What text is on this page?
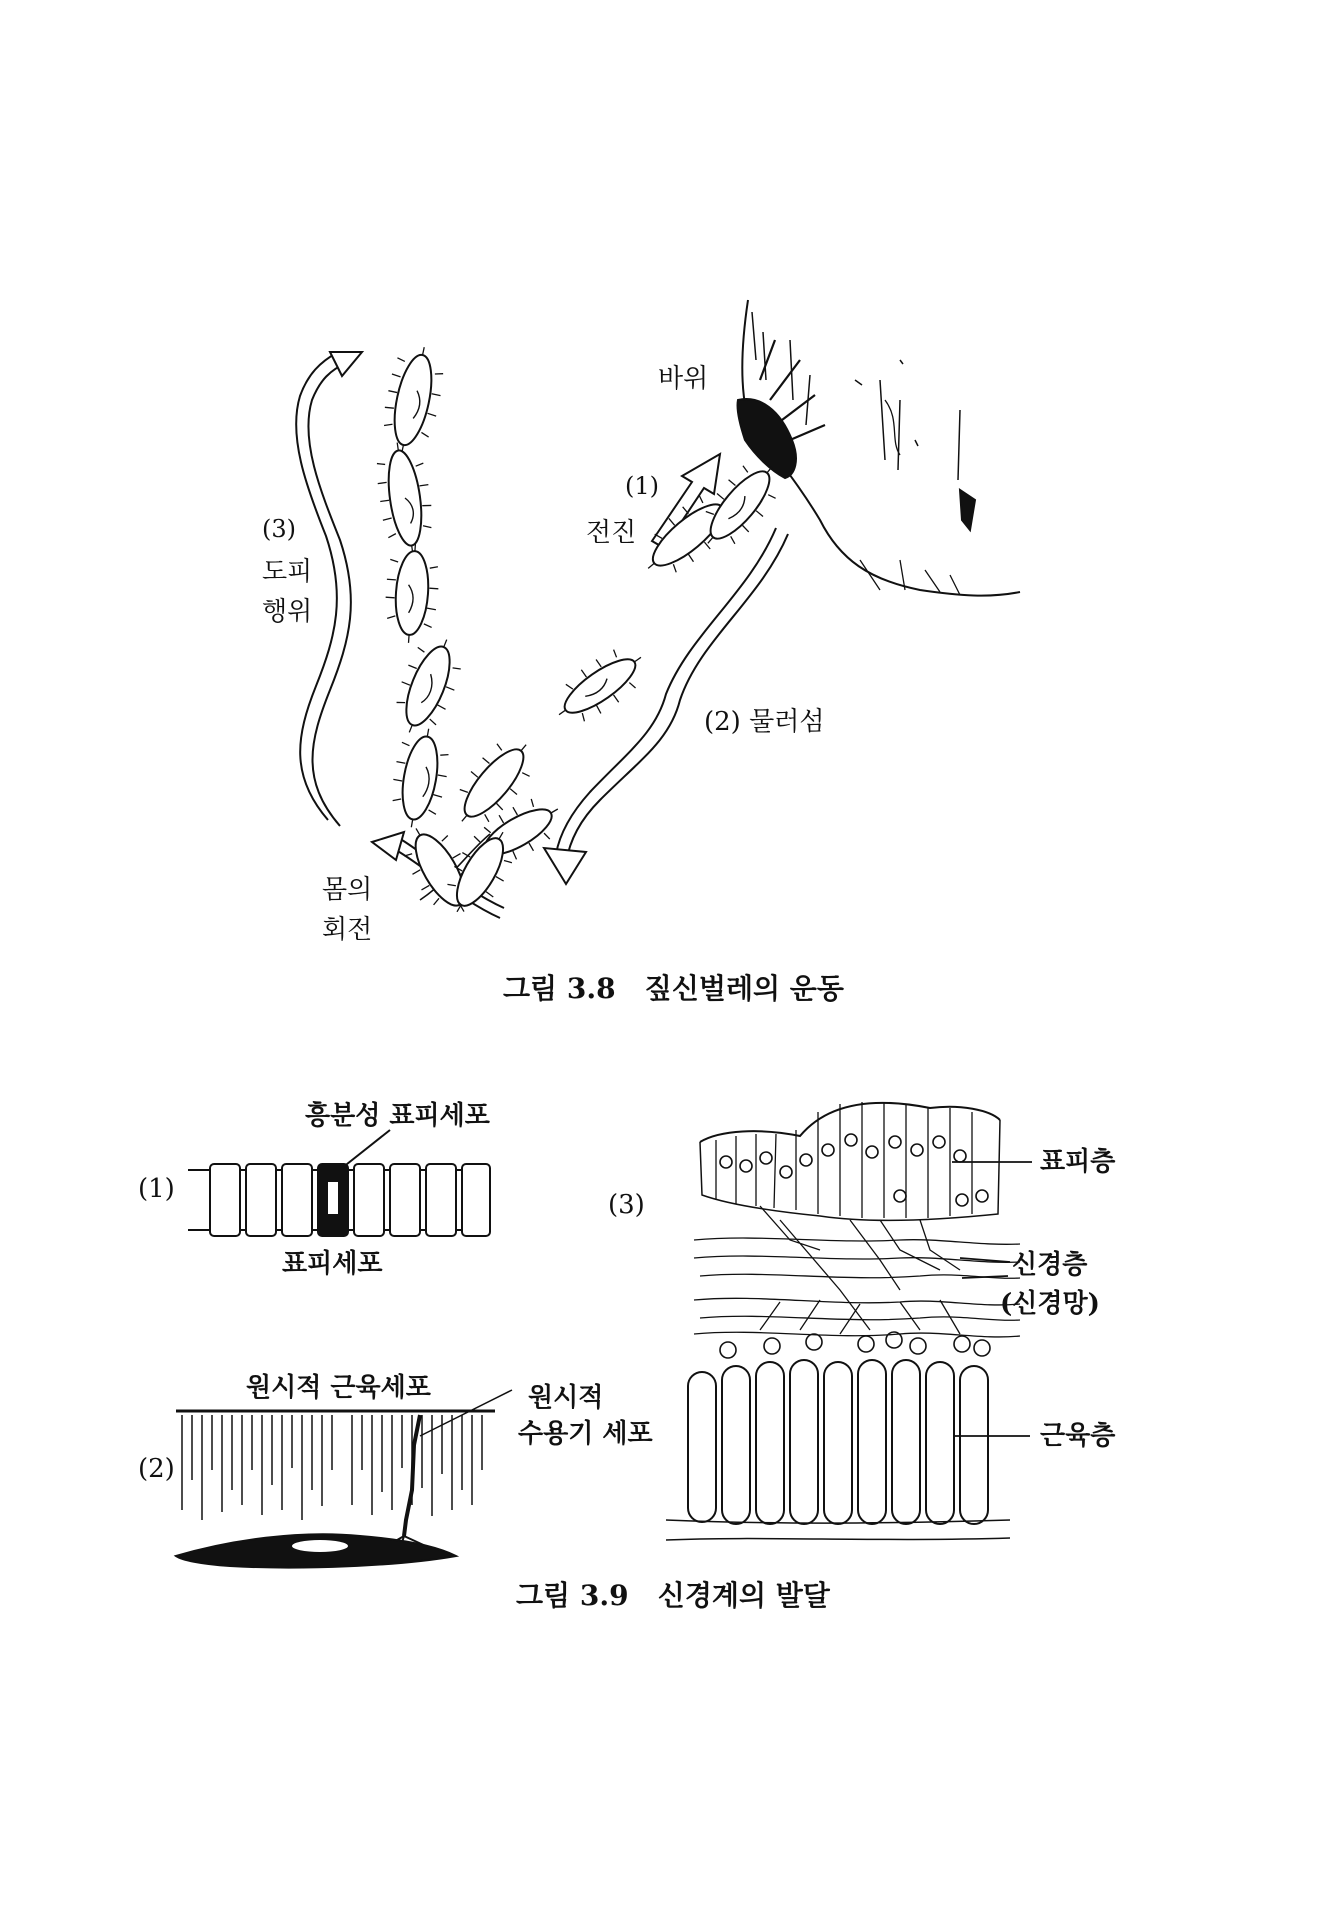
바위
(1)
전진
(2) 물러섬
(3)
도피
행위
몸의
회전
그림 3.8   짚신벌레의 운동
(1)
흥분성 표피세포
표피세포
(2)
원시적 근육세포	원시적
수용기 세포
(3)
표피층
신경층
(신경망)
근육층
그림 3.9   신경계의 발달
